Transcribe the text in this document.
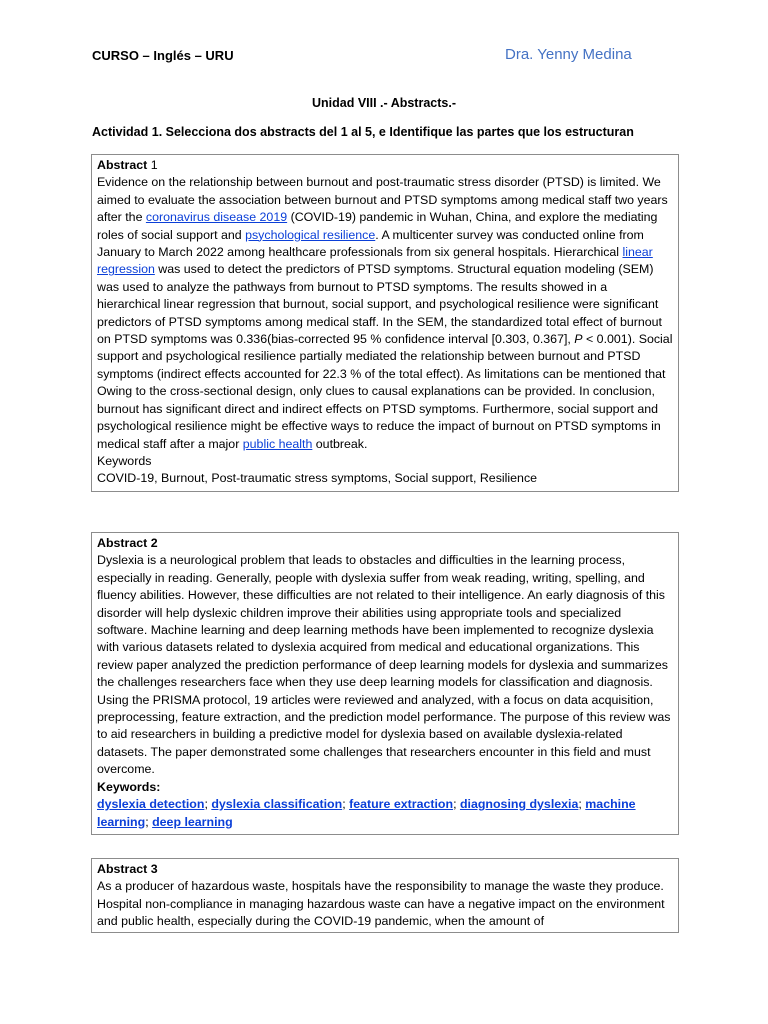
CURSO – Inglés – URU	Dra. Yenny Medina
Unidad VIII .- Abstracts.-
Actividad 1. Selecciona dos abstracts del 1 al 5, e Identifique las partes que los estructuran
Abstract 1
Evidence on the relationship between burnout and post-traumatic stress disorder (PTSD) is limited. We aimed to evaluate the association between burnout and PTSD symptoms among medical staff two years after the coronavirus disease 2019 (COVID-19) pandemic in Wuhan, China, and explore the mediating roles of social support and psychological resilience. A multicenter survey was conducted online from January to March 2022 among healthcare professionals from six general hospitals. Hierarchical linear regression was used to detect the predictors of PTSD symptoms. Structural equation modeling (SEM) was used to analyze the pathways from burnout to PTSD symptoms. The results showed in a hierarchical linear regression that burnout, social support, and psychological resilience were significant predictors of PTSD symptoms among medical staff. In the SEM, the standardized total effect of burnout on PTSD symptoms was 0.336(bias-corrected 95 % confidence interval [0.303, 0.367], P < 0.001). Social support and psychological resilience partially mediated the relationship between burnout and PTSD symptoms (indirect effects accounted for 22.3 % of the total effect). As limitations can be mentioned that Owing to the cross-sectional design, only clues to causal explanations can be provided. In conclusion,
burnout has significant direct and indirect effects on PTSD symptoms. Furthermore, social support and psychological resilience might be effective ways to reduce the impact of burnout on PTSD symptoms in medical staff after a major public health outbreak.
Keywords
COVID-19, Burnout, Post-traumatic stress symptoms, Social support, Resilience
Abstract 2
Dyslexia is a neurological problem that leads to obstacles and difficulties in the learning process, especially in reading. Generally, people with dyslexia suffer from weak reading, writing, spelling, and fluency abilities. However, these difficulties are not related to their intelligence. An early diagnosis of this disorder will help dyslexic children improve their abilities using appropriate tools and specialized software. Machine learning and deep learning methods have been implemented to recognize dyslexia with various datasets related to dyslexia acquired from medical and educational organizations. This review paper analyzed the prediction performance of deep learning models for dyslexia and summarizes the challenges researchers face when they use deep learning models for classification and diagnosis. Using the PRISMA protocol, 19 articles were reviewed and analyzed, with a focus on data acquisition, preprocessing, feature extraction, and the prediction model performance. The purpose of this review was to aid researchers in building a predictive model for dyslexia based on available dyslexia-related datasets. The paper demonstrated some challenges that researchers encounter in this field and must overcome.
Keywords:
dyslexia detection; dyslexia classification; feature extraction; diagnosing dyslexia; machine learning; deep learning
Abstract 3
As a producer of hazardous waste, hospitals have the responsibility to manage the waste they produce. Hospital non-compliance in managing hazardous waste can have a negative impact on the environment and public health, especially during the COVID-19 pandemic, when the amount of
